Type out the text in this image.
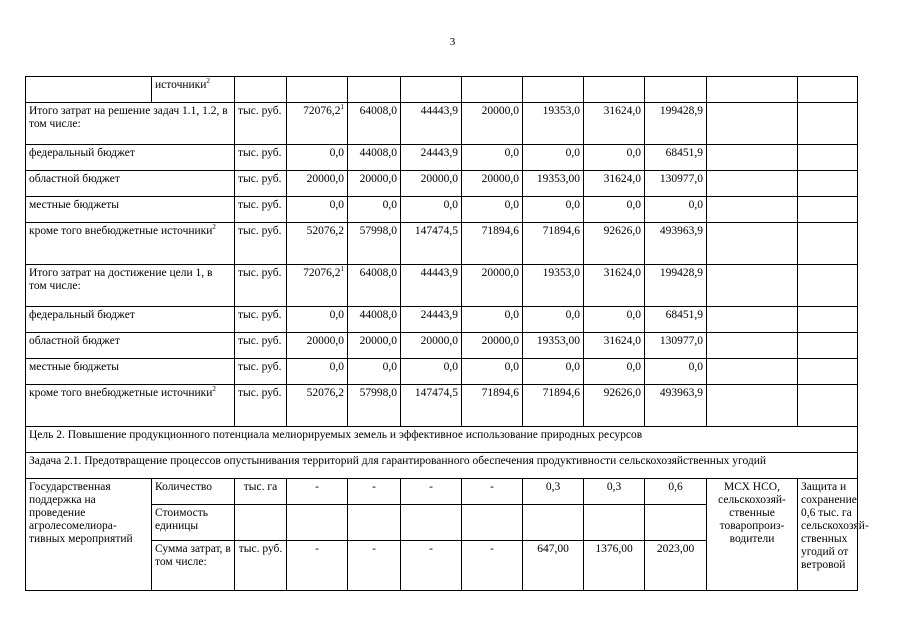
3
	источники$^2$										
Итого затрат на решение задач 1.1, 1.2, в том числе:		тыс. руб.	72076,2$^1$	64008,0	44443,9	20000,0	19353,0	31624,0	199428,9		
федеральный бюджет		тыс. руб.	0,0	44008,0	24443,9	0,0	0,0	0,0	68451,9		
областной бюджет		тыс. руб.	20000,0	20000,0	20000,0	20000,0	19353,00	31624,0	130977,0		
местные бюджеты		тыс. руб.	0,0	0,0	0,0	0,0	0,0	0,0	0,0		
кроме того внебюджетные источники$^2$		тыс. руб.	52076,2	57998,0	147474,5	71894,6	71894,6	92626,0	493963,9		
Итого затрат на достижение цели 1, в том числе:		тыс. руб.	72076,2$^1$	64008,0	44443,9	20000,0	19353,0	31624,0	199428,9		
федеральный бюджет		тыс. руб.	0,0	44008,0	24443,9	0,0	0,0	0,0	68451,9		
областной бюджет		тыс. руб.	20000,0	20000,0	20000,0	20000,0	19353,00	31624,0	130977,0		
местные бюджеты		тыс. руб.	0,0	0,0	0,0	0,0	0,0	0,0	0,0		
кроме того внебюджетные источники$^2$		тыс. руб.	52076,2	57998,0	147474,5	71894,6	71894,6	92626,0	493963,9		
Цель 2. Повышение продукционного потенциала мелиорируемых земель и эффективное использование природных ресурсов											
Задача 2.1. Предотвращение процессов опустынивания территорий для гарантированного обеспечения продуктивности сельскохозяйственных угодий											
Государственная поддержка на проведение агролесомелиора-тивных мероприятий	Количество	тыс. га	-	-	-	-	0,3	0,3	0,6	МСХ НСО, сельскохозяй-ственные товаропроиз-водители	Защита и сохранение 0,6 тыс. га сельскохозяй-ственных угодий от ветровой
	Стоимость единицы										
	Сумма затрат, в том числе:	тыс. руб.	-	-	-	-	647,00	1376,00	2023,00		
